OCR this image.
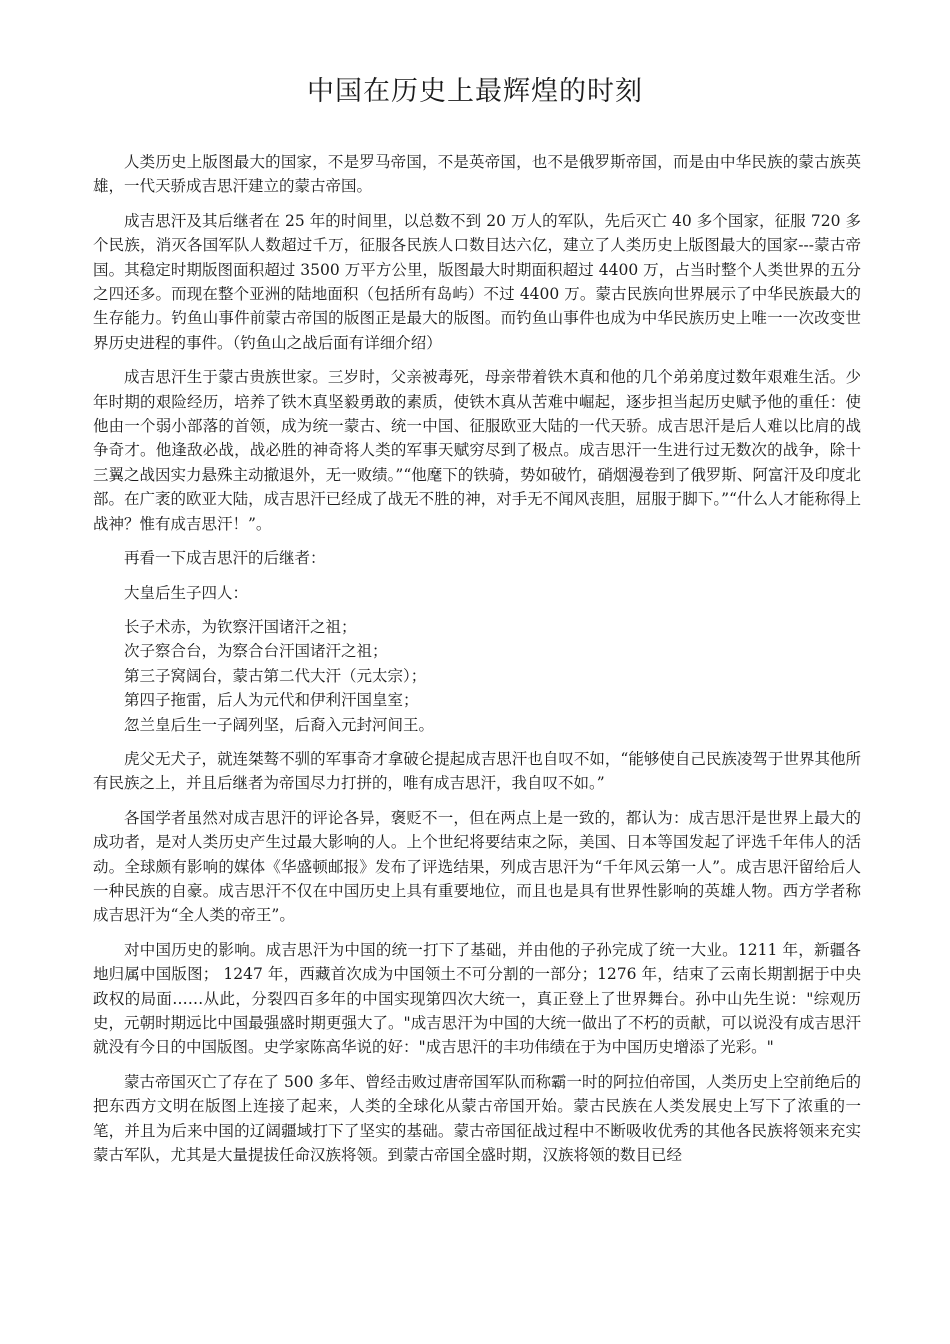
中国在历史上最辉煌的时刻

人类历史上版图最大的国家，不是罗马帝国，不是英帝国，也不是俄罗斯帝国，而是由中华民族的蒙古族英雄，一代天骄成吉思汗建立的蒙古帝国。

成吉思汗及其后继者在 25 年的时间里，以总数不到 20 万人的军队，先后灭亡 40 多个国家，征服 720 多个民族，消灭各国军队人数超过千万，征服各民族人口数目达六亿，建立了人类历史上版图最大的国家---蒙古帝国。其稳定时期版图面积超过 3500 万平方公里，版图最大时期面积超过 4400 万，占当时整个人类世界的五分之四还多。而现在整个亚洲的陆地面积（包括所有岛屿）不过 4400 万。蒙古民族向世界展示了中华民族最大的生存能力。钓鱼山事件前蒙古帝国的版图正是最大的版图。而钓鱼山事件也成为中华民族历史上唯一一次改变世界历史进程的事件。（钓鱼山之战后面有详细介绍）

成吉思汗生于蒙古贵族世家。三岁时，父亲被毒死，母亲带着铁木真和他的几个弟弟度过数年艰难生活。少年时期的艰险经历，培养了铁木真坚毅勇敢的素质，使铁木真从苦难中崛起，逐步担当起历史赋予他的重任：使他由一个弱小部落的首领，成为统一蒙古、统一中国、征服欧亚大陆的一代天骄。成吉思汗是后人难以比肩的战争奇才。他逢敌必战，战必胜的神奇将人类的军事天赋穷尽到了极点。成吉思汗一生进行过无数次的战争，除十三翼之战因实力悬殊主动撤退外，无一败绩。”“他麾下的铁骑，势如破竹，硝烟漫卷到了俄罗斯、阿富汗及印度北部。在广袤的欧亚大陆，成吉思汗已经成了战无不胜的神，对手无不闻风丧胆，屈服于脚下。”“什么人才能称得上战神？惟有成吉思汗！”。

再看一下成吉思汗的后继者：

大皇后生子四人：

长子术赤，为钦察汗国诸汗之祖；
次子察合台，为察合台汗国诸汗之祖；
第三子窝阔台，蒙古第二代大汗（元太宗）；
第四子拖雷，后人为元代和伊利汗国皇室；
忽兰皇后生一子阔列坚，后裔入元封河间王。

虎父无犬子，就连桀骜不驯的军事奇才拿破仑提起成吉思汗也自叹不如，“能够使自己民族凌驾于世界其他所有民族之上，并且后继者为帝国尽力打拼的，唯有成吉思汗，我自叹不如。”

各国学者虽然对成吉思汗的评论各异，褒贬不一，但在两点上是一致的，都认为：成吉思汗是世界上最大的成功者，是对人类历史产生过最大影响的人。上个世纪将要结束之际，美国、日本等国发起了评选千年伟人的活动。全球颇有影响的媒体《华盛顿邮报》发布了评选结果，列成吉思汗为“千年风云第一人”。成吉思汗留给后人一种民族的自豪。成吉思汗不仅在中国历史上具有重要地位，而且也是具有世界性影响的英雄人物。西方学者称成吉思汗为“全人类的帝王”。

对中国历史的影响。成吉思汗为中国的统一打下了基础，并由他的子孙完成了统一大业。1211 年，新疆各地归属中国版图； 1247 年，西藏首次成为中国领土不可分割的一部分；1276 年，结束了云南长期割据于中央政权的局面……从此，分裂四百多年的中国实现第四次大统一，真正登上了世界舞台。孙中山先生说："综观历史，元朝时期远比中国最强盛时期更强大了。"成吉思汗为中国的大统一做出了不朽的贡献，可以说没有成吉思汗就没有今日的中国版图。史学家陈高华说的好："成吉思汗的丰功伟绩在于为中国历史增添了光彩。"

蒙古帝国灭亡了存在了 500 多年、曾经击败过唐帝国军队而称霸一时的阿拉伯帝国，人类历史上空前绝后的把东西方文明在版图上连接了起来，人类的全球化从蒙古帝国开始。蒙古民族在人类发展史上写下了浓重的一笔，并且为后来中国的辽阔疆域打下了坚实的基础。蒙古帝国征战过程中不断吸收优秀的其他各民族将领来充实蒙古军队，尤其是大量提拔任命汉族将领。到蒙古帝国全盛时期，汉族将领的数目已经
